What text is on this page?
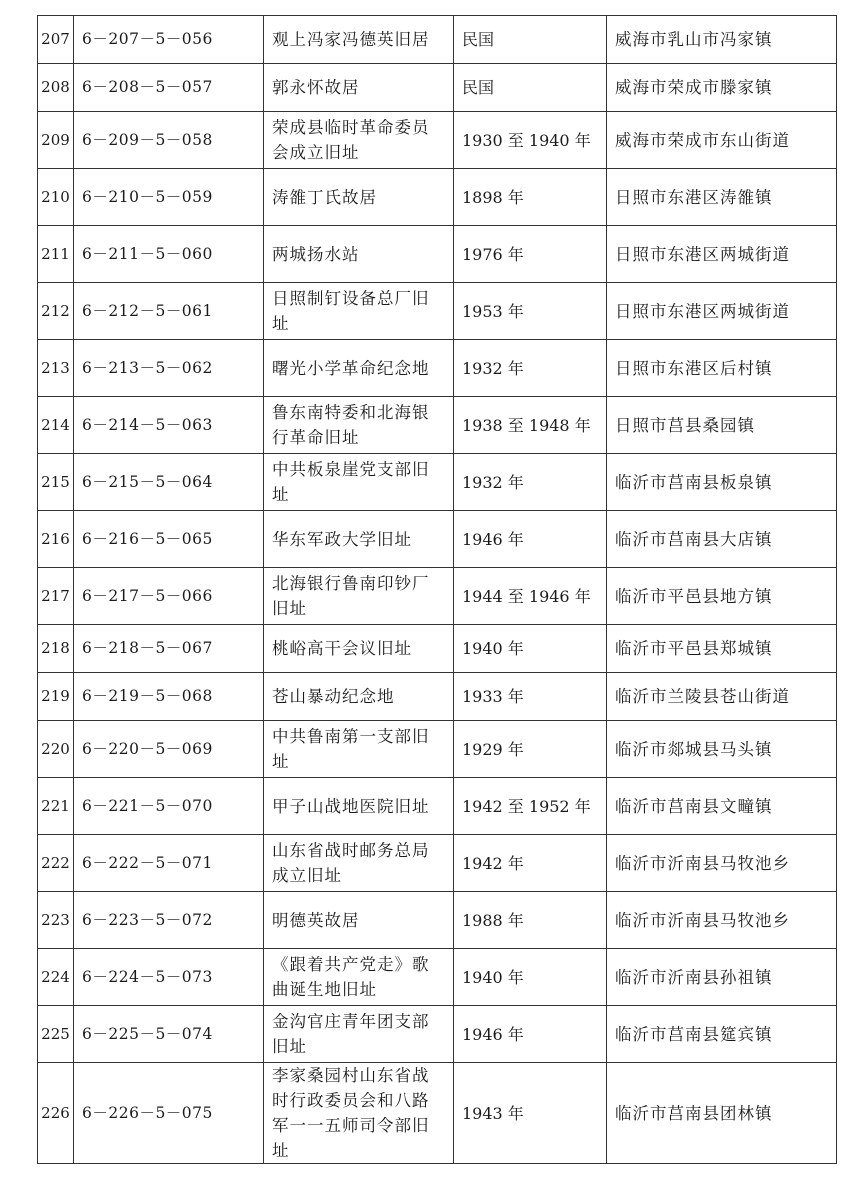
207	6－207－5－056	观上冯家冯德英旧居	民国	威海市乳山市冯家镇
208	6－208－5－057	郭永怀故居	民国	威海市荣成市滕家镇
209	6－209－5－058	荣成县临时革命委员会成立旧址	1930 至 1940 年	威海市荣成市东山街道
210	6－210－5－059	涛雒丁氏故居	1898 年	日照市东港区涛雒镇
211	6－211－5－060	两城扬水站	1976 年	日照市东港区两城街道
212	6－212－5－061	日照制钉设备总厂旧址	1953 年	日照市东港区两城街道
213	6－213－5－062	曙光小学革命纪念地	1932 年	日照市东港区后村镇
214	6－214－5－063	鲁东南特委和北海银行革命旧址	1938 至 1948 年	日照市莒县桑园镇
215	6－215－5－064	中共板泉崖党支部旧址	1932 年	临沂市莒南县板泉镇
216	6－216－5－065	华东军政大学旧址	1946 年	临沂市莒南县大店镇
217	6－217－5－066	北海银行鲁南印钞厂旧址	1944 至 1946 年	临沂市平邑县地方镇
218	6－218－5－067	桃峪高干会议旧址	1940 年	临沂市平邑县郑城镇
219	6－219－5－068	苍山暴动纪念地	1933 年	临沂市兰陵县苍山街道
220	6－220－5－069	中共鲁南第一支部旧址	1929 年	临沂市郯城县马头镇
221	6－221－5－070	甲子山战地医院旧址	1942 至 1952 年	临沂市莒南县文疃镇
222	6－222－5－071	山东省战时邮务总局成立旧址	1942 年	临沂市沂南县马牧池乡
223	6－223－5－072	明德英故居	1988 年	临沂市沂南县马牧池乡
224	6－224－5－073	《跟着共产党走》歌曲诞生地旧址	1940 年	临沂市沂南县孙祖镇
225	6－225－5－074	金沟官庄青年团支部旧址	1946 年	临沂市莒南县筵宾镇
226	6－226－5－075	李家桑园村山东省战时行政委员会和八路军一一五师司令部旧址	1943 年	临沂市莒南县团林镇
